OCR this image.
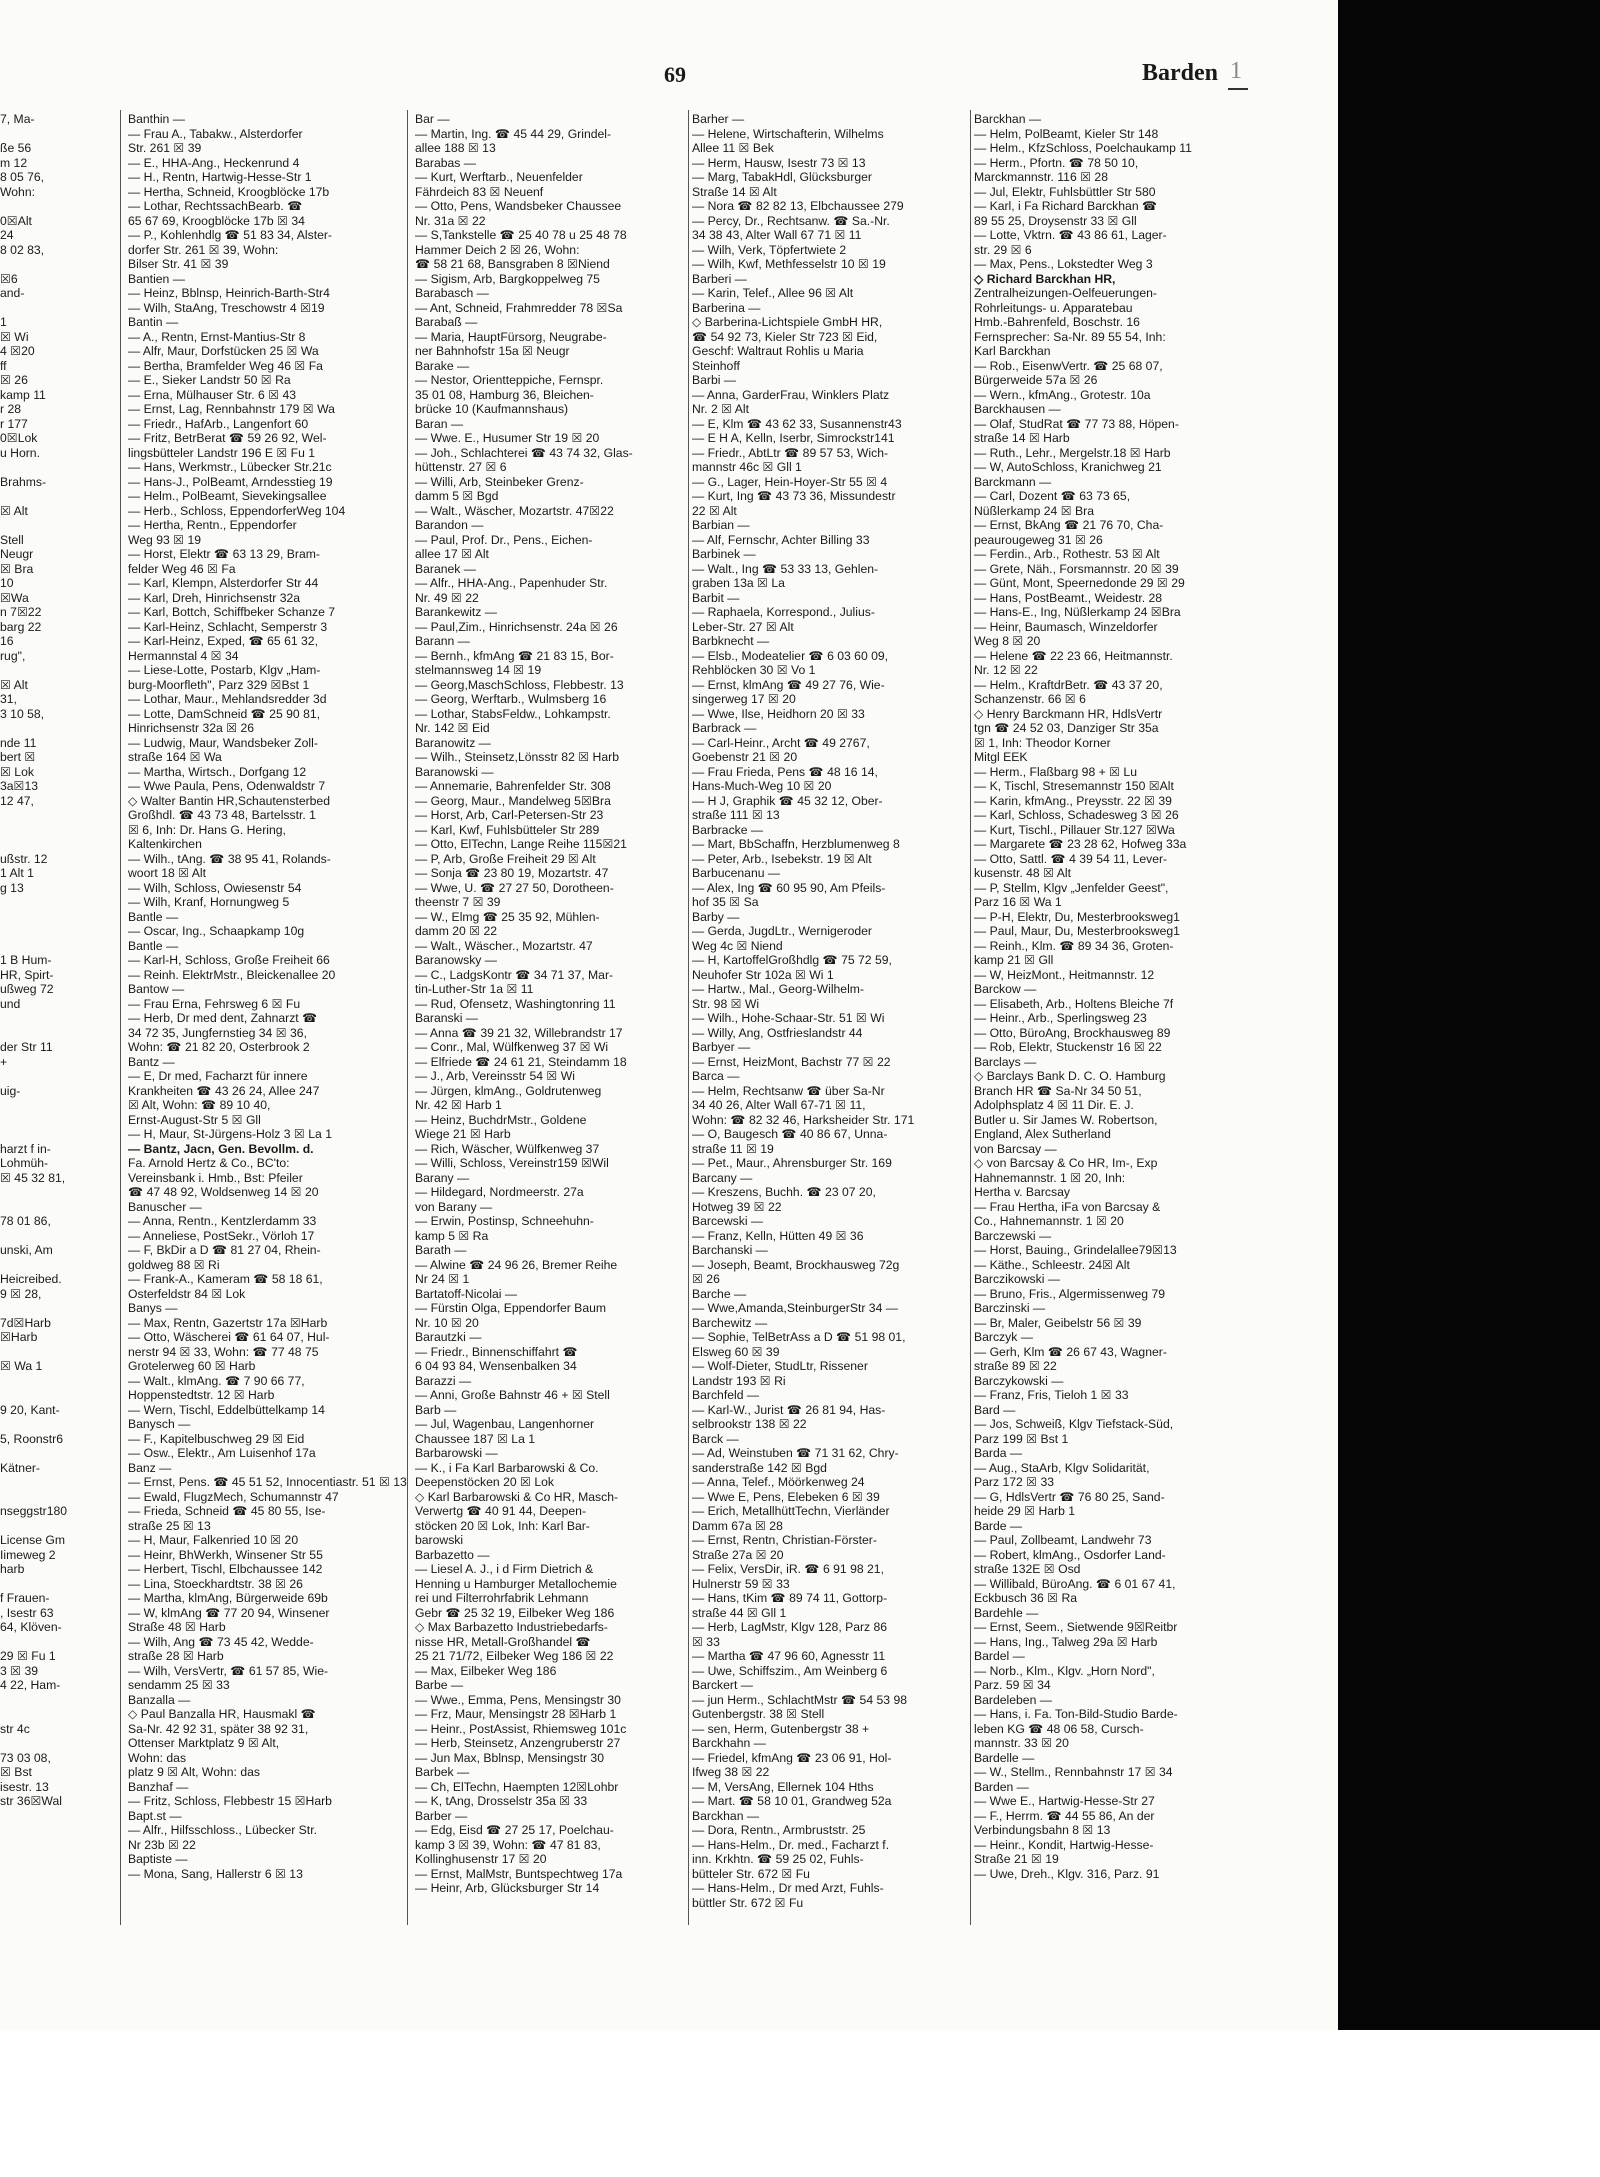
69	Barden 1
7, Ma-
ße 56
m 12
8 05 76,
Wohn:
0☒Alt
24
8 02 83,
☒6
and-
1
☒ Wi
4 ☒20
ff
☒ 26
kamp 11
r 28
r 177
0☒Lok
u Horn.
Brahms-
☒ Alt
Stell
Neugr
☒ Bra
10
☒Wa
n 7☒22
barg 22
16
rug",
☒ Alt
31,
3 10 58,
nde 11
bert ☒
☒ Lok
3a☒13
12 47,
ußstr. 12
1 Alt 1
g 13
1 B Hum-
HR, Spirt-
ußweg 72
und
der Str 11
+
uig-
harzt f in-
Lohmüh-
☒ 45 32 81,
78 01 86,
unski, Am
Heicreibed.
9 ☒ 28,
7d☒Harb
☒Harb
☒ Wa 1
9 20, Kant-
5, Roonstr6
Kätner-
nseggstr180
License Gm
Iimeweg 2
harb
f Frauen-
, Isestr 63
64, Klöven-
29 ☒ Fu 1
3 ☒ 39
4 22, Ham-
str 4c
73 03 08,
☒ Bst
isestr. 13
str 36☒Wal
Banthin —
— Frau A., Tabakw., Alsterdorfer
Str. 261 ☒ 39
— E., HHA-Ang., Heckenrund 4
— H., Rentn, Hartwig-Hesse-Str 1
— Hertha, Schneid, Kroogblöcke 17b
— Lothar, RechtssachBearb. ☎
65 67 69, Kroogblöcke 17b ☒ 34
— P., Kohlenhdlg ☎ 51 83 34, Alster-
dorfer Str. 261 ☒ 39, Wohn:
Bilser Str. 41 ☒ 39
Bantien —
— Heinz, Bblnsp, Heinrich-Barth-Str4
— Wilh, StaAng, Treschowstr 4 ☒19
Bantin —
— A., Rentn, Ernst-Mantius-Str 8
— Alfr, Maur, Dorfstücken 25 ☒ Wa
— Bertha, Bramfelder Weg 46 ☒ Fa
— E., Sieker Landstr 50 ☒ Ra
— Erna, Mülhauser Str. 6 ☒ 43
— Ernst, Lag, Rennbahnstr 179 ☒ Wa
— Friedr., HafArb., Langenfort 60
— Fritz, BetrBerat ☎ 59 26 92, Wel-
lingsbütteler Landstr 196 E ☒ Fu 1
— Hans, Werkmstr., Lübecker Str.21c
— Hans-J., PolBeamt, Arndesstieg 19
— Helm., PolBeamt, Sievekingsallee
— Herb., Schloss, EppendorferWeg 104
— Hertha, Rentn., Eppendorfer
Weg 93 ☒ 19
— Horst, Elektr ☎ 63 13 29, Bram-
felder Weg 46 ☒ Fa
— Karl, Klempn, Alsterdorfer Str 44
— Karl, Dreh, Hinrichsenstr 32a
— Karl, Bottch, Schiffbeker Schanze 7
— Karl-Heinz, Schlacht, Semperstr 3
— Karl-Heinz, Exped, ☎ 65 61 32,
Hermannstal 4 ☒ 34
— Liese-Lotte, Postarb, Klgv „Ham-
burg-Moorfleth", Parz 329 ☒Bst 1
— Lothar, Maur., Mehlandsredder 3d
— Lotte, DamSchneid ☎ 25 90 81,
Hinrichsenstr 32a ☒ 26
— Ludwig, Maur, Wandsbeker Zoll-
straße 164 ☒ Wa
— Martha, Wirtsch., Dorfgang 12
— Wwe Paula, Pens, Odenwaldstr 7
◇ Walter Bantin HR,Schautensterbed
Großhdl. ☎ 43 73 48, Bartelsstr. 1
☒ 6, Inh: Dr. Hans G. Hering,
Kaltenkirchen
— Wilh., tAng. ☎ 38 95 41, Rolands-
woort 18 ☒ Alt
— Wilh, Schloss, Owiesenstr 54
— Wilh, Kranf, Hornungweg 5
Bantle —
— Oscar, Ing., Schaapkamp 10g
Bantle —
— Karl-H, Schloss, Große Freiheit 66
— Reinh. ElektrMstr., Bleickenallee 20
Bantow —
— Frau Erna, Fehrsweg 6 ☒ Fu
— Herb, Dr med dent, Zahnarzt ☎
34 72 35, Jungfernstieg 34 ☒ 36,
Wohn: ☎ 21 82 20, Osterbrook 2
Bantz —
— E, Dr med, Facharzt für innere
Krankheiten ☎ 43 26 24, Allee 247
☒ Alt, Wohn: ☎ 89 10 40,
Ernst-August-Str 5 ☒ Gll
— H, Maur, St-Jürgens-Holz 3 ☒ La 1
— Bantz, Jacn, Gen. Bevollm. d.
Fa. Arnold Hertz & Co., BC'to:
Vereinsbank i. Hmb., Bst: Pfeiler
☎ 47 48 92, Woldsenweg 14 ☒ 20
Banuscher —
— Anna, Rentn., Kentzlerdamm 33
— Anneliese, PostSekr., Vörloh 17
— F, BkDir a D ☎ 81 27 04, Rhein-
goldweg 88 ☒ Ri
— Frank-A., Kameram ☎ 58 18 61,
Osterfeldstr 84 ☒ Lok
Banys —
— Max, Rentn, Gazertstr 17a ☒Harb
— Otto, Wäscherei ☎ 61 64 07, Hul-
nerstr 94 ☒ 33, Wohn: ☎ 77 48 75
Grotelerweg 60 ☒ Harb
— Walt., klmAng. ☎ 7 90 66 77,
Hoppenstedtstr. 12 ☒ Harb
— Wern, Tischl, Eddelbüttelkamp 14
Banysch —
— F., Kapitelbuschweg 29 ☒ Eid
— Osw., Elektr., Am Luisenhof 17a
Banz —
— Ernst, Pens. ☎ 45 51 52, Innocentiastr. 51 ☒ 13
— Ewald, FlugzMech, Schumannstr 47
— Frieda, Schneid ☎ 45 80 55, Ise-
straße 25 ☒ 13
— H, Maur, Falkenried 10 ☒ 20
— Heinr, BhWerkh, Winsener Str 55
— Herbert, Tischl, Elbchaussee 142
— Lina, Stoeckhardtstr. 38 ☒ 26
— Martha, klmAng, Bürgerweide 69b
— W, klmAng ☎ 77 20 94, Winsener
Straße 48 ☒ Harb
— Wilh, Ang ☎ 73 45 42, Wedde-
straße 28 ☒ Harb
— Wilh, VersVertr, ☎ 61 57 85, Wie-
sendamm 25 ☒ 33
Banzalla —
◇ Paul Banzalla HR, Hausmakl ☎
Sa-Nr. 42 92 31, später 38 92 31,
Ottenser Marktplatz 9 ☒ Alt,
Wohn: das
platz 9 ☒ Alt, Wohn: das
Banzhaf —
— Fritz, Schloss, Flebbestr 15 ☒Harb
Bapt.st —
— Alfr., Hilfsschloss., Lübecker Str.
Nr 23b ☒ 22
Baptiste —
— Mona, Sang, Hallerstr 6 ☒ 13
Bar —
— Martin, Ing. ☎ 45 44 29, Grindel-
allee 188 ☒ 13
Barabas —
— Kurt, Werftarb., Neuenfelder
Fährdeich 83 ☒ Neuenf
— Otto, Pens, Wandsbeker Chaussee
Nr. 31a ☒ 22
— S,Tankstelle ☎ 25 40 78 u 25 48 78
Hammer Deich 2 ☒ 26, Wohn:
☎ 58 21 68, Bansgraben 8 ☒Niend
— Sigism, Arb, Bargkoppelweg 75
Barabasch —
— Ant, Schneid, Frahmredder 78 ☒Sa
Barabaß —
— Maria, HauptFürsorg, Neugrabe-
ner Bahnhofstr 15a ☒ Neugr
Barake —
— Nestor, Orientteppiche, Fernspr.
35 01 08, Hamburg 36, Bleichen-
brücke 10 (Kaufmannshaus)
Baran —
— Wwe. E., Husumer Str 19 ☒ 20
— Joh., Schlachterei ☎ 43 74 32, Glas-
hüttenstr. 27 ☒ 6
— Willi, Arb, Steinbeker Grenz-
damm 5 ☒ Bgd
— Walt., Wäscher, Mozartstr. 47☒22
Barandon —
— Paul, Prof. Dr., Pens., Eichen-
allee 17 ☒ Alt
Baranek —
— Alfr., HHA-Ang., Papenhuder Str.
Nr. 49 ☒ 22
Barankewitz —
— Paul,Zim., Hinrichsenstr. 24a ☒ 26
Barann —
— Bernh., kfmAng ☎ 21 83 15, Bor-
stelmannsweg 14 ☒ 19
— Georg,MaschSchloss, Flebbestr. 13
— Georg, Werftarb., Wulmsberg 16
— Lothar, StabsFeldw., Lohkampstr.
Nr. 142 ☒ Eid
Baranowitz —
— Wilh., Steinsetz,Lönsstr 82 ☒ Harb
Baranowski —
— Annemarie, Bahrenfelder Str. 308
— Georg, Maur., Mandelweg 5☒Bra
— Horst, Arb, Carl-Petersen-Str 23
— Karl, Kwf, Fuhlsbütteler Str 289
— Otto, ElTechn, Lange Reihe 115☒21
— P, Arb, Große Freiheit 29 ☒ Alt
— Sonja ☎ 23 80 19, Mozartstr. 47
— Wwe, U. ☎ 27 27 50, Dorotheen-
theenstr 7 ☒ 39
— W., Elmg ☎ 25 35 92, Mühlen-
damm 20 ☒ 22
— Walt., Wäscher., Mozartstr. 47
Baranowsky —
— C., LadgsKontr ☎ 34 71 37, Mar-
tin-Luther-Str 1a ☒ 11
— Rud, Ofensetz, Washingtonring 11
Baranski —
— Anna ☎ 39 21 32, Willebrandstr 17
— Conr., Mal, Wülfkenweg 37 ☒ Wi
— Elfriede ☎ 24 61 21, Steindamm 18
— J., Arb, Vereinsstr 54 ☒ Wi
— Jürgen, klmAng., Goldrutenweg
Nr. 42 ☒ Harb 1
— Heinz, BuchdrMstr., Goldene
Wiege 21 ☒ Harb
— Rich, Wäscher, Wülfkenweg 37
— Willi, Schloss, Vereinstr159 ☒Wil
Barany —
— Hildegard, Nordmeerstr. 27a
von Barany —
— Erwin, Postinsp, Schneehuhn-
kamp 5 ☒ Ra
Barath —
— Alwine ☎ 24 96 26, Bremer Reihe
Nr 24 ☒ 1
Bartatoff-Nicolai —
— Fürstin Olga, Eppendorfer Baum
Nr. 10 ☒ 20
Barautzki —
— Friedr., Binnenschiffahrt ☎
6 04 93 84, Wensenbalken 34
Barazzi —
— Anni, Große Bahnstr 46 + ☒ Stell
Barb —
— Jul, Wagenbau, Langenhorner
Chaussee 187 ☒ La 1
Barbarowski —
— K., i Fa Karl Barbarowski & Co.
Deepenstöcken 20 ☒ Lok
◇ Karl Barbarowski & Co HR, Masch-
Verwertg ☎ 40 91 44, Deepen-
stöcken 20 ☒ Lok, Inh: Karl Bar-
barowski
Barbazetto —
— Liesel A. J., i d Firm Dietrich &
Henning u Hamburger Metallochemie
rei und Filterrohrfabrik Lehmann
Gebr ☎ 25 32 19, Eilbeker Weg 186
◇ Max Barbazetto Industriebedarfs-
nisse HR, Metall-Großhandel ☎
25 21 71/72, Eilbeker Weg 186 ☒ 22
— Max, Eilbeker Weg 186
Barbe —
— Wwe., Emma, Pens, Mensingstr 30
— Frz, Maur, Mensingstr 28 ☒Harb 1
— Heinr., PostAssist, Rhiemsweg 101c
— Herb, Steinsetz, Anzengruberstr 27
— Jun Max, Bblnsp, Mensingstr 30
Barbek —
— Ch, ElTechn, Haempten 12☒Lohbr
— K, tAng, Drosselstr 35a ☒ 33
Barber —
— Edg, Eisd ☎ 27 25 17, Poelchau-
kamp 3 ☒ 39, Wohn: ☎ 47 81 83,
Kollinghusenstr 17 ☒ 20
— Ernst, MalMstr, Buntspechtweg 17a
— Heinr, Arb, Glücksburger Str 14
Barher —
— Helene, Wirtschafterin, Wilhelms
Allee 11 ☒ Bek
— Herm, Hausw, Isestr 73 ☒ 13
— Marg, TabakHdl, Glücksburger
Straße 14 ☒ Alt
— Nora ☎ 82 82 13, Elbchaussee 279
— Percy, Dr., Rechtsanw. ☎ Sa.-Nr.
34 38 43, Alter Wall 67 71 ☒ 11
— Wilh, Verk, Töpfertwiete 2
— Wilh, Kwf, Methfesselstr 10 ☒ 19
Barberi —
— Karin, Telef., Allee 96 ☒ Alt
Barberina —
◇ Barberina-Lichtspiele GmbH HR,
☎ 54 92 73, Kieler Str 723 ☒ Eid,
Geschf: Waltraut Rohlis u Maria
Steinhoff
Barbi —
— Anna, GarderFrau, Winklers Platz
Nr. 2 ☒ Alt
— E, Klm ☎ 43 62 33, Susannenstr43
— E H A, Kelln, Iserbr, Simrockstr141
— Friedr., AbtLtr ☎ 89 57 53, Wich-
mannstr 46c ☒ Gll 1
— G., Lager, Hein-Hoyer-Str 55 ☒ 4
— Kurt, Ing ☎ 43 73 36, Missundestr
22 ☒ Alt
Barbian —
— Alf, Fernschr, Achter Billing 33
Barbinek —
— Walt., Ing ☎ 53 33 13, Gehlen-
graben 13a ☒ La
Barbit —
— Raphaela, Korrespond., Julius-
Leber-Str. 27 ☒ Alt
Barbknecht —
— Elsb., Modeatelier ☎ 6 03 60 09,
Rehblöcken 30 ☒ Vo 1
— Ernst, klmAng ☎ 49 27 76, Wie-
singerweg 17 ☒ 20
— Wwe, Ilse, Heidhorn 20 ☒ 33
Barbrack —
— Carl-Heinr., Archt ☎ 49 2767,
Goebenstr 21 ☒ 20
— Frau Frieda, Pens ☎ 48 16 14,
Hans-Much-Weg 10 ☒ 20
— H J, Graphik ☎ 45 32 12, Ober-
straße 111 ☒ 13
Barbracke —
— Mart, BbSchaffn, Herzblumenweg 8
— Peter, Arb., Isebekstr. 19 ☒ Alt
Barbucenanu —
— Alex, Ing ☎ 60 95 90, Am Pfeils-
hof 35 ☒ Sa
Barby —
— Gerda, JugdLtr., Wernigeroder
Weg 4c ☒ Niend
— H, KartoffelGroßhdlg ☎ 75 72 59,
Neuhofer Str 102a ☒ Wi 1
— Hartw., Mal., Georg-Wilhelm-
Str. 98 ☒ Wi
— Wilh., Hohe-Schaar-Str. 51 ☒ Wi
— Willy, Ang, Ostfrieslandstr 44
Barbyer —
— Ernst, HeizMont, Bachstr 77 ☒ 22
Barca —
— Helm, Rechtsanw ☎ über Sa-Nr
34 40 26, Alter Wall 67-71 ☒ 11,
Wohn: ☎ 82 32 46, Harksheider Str. 171
— O, Baugesch ☎ 40 86 67, Unna-
straße 11 ☒ 19
— Pet., Maur., Ahrensburger Str. 169
Barcany —
— Kreszens, Buchh. ☎ 23 07 20,
Hotweg 39 ☒ 22
Barcewski —
— Franz, Kelln, Hütten 49 ☒ 36
Barchanski —
— Joseph, Beamt, Brockhausweg 72g
☒ 26
Barche —
— Wwe,Amanda,SteinburgerStr 34 —
Barchewitz —
— Sophie, TelBetrAss a D ☎ 51 98 01,
Elsweg 60 ☒ 39
— Wolf-Dieter, StudLtr, Rissener
Landstr 193 ☒ Ri
Barchfeld —
— Karl-W., Jurist ☎ 26 81 94, Has-
selbrookstr 138 ☒ 22
Barck —
— Ad, Weinstuben ☎ 71 31 62, Chry-
sanderstraße 142 ☒ Bgd
— Anna, Telef., Möörkenweg 24
— Wwe E, Pens, Elebeken 6 ☒ 39
— Erich, MetallhüttTechn, Vierländer
Damm 67a ☒ 28
— Ernst, Rentn, Christian-Förster-
Straße 27a ☒ 20
— Felix, VersDir, iR. ☎ 6 91 98 21,
Hulnerstr 59 ☒ 33
— Hans, tKim ☎ 89 74 11, Gottorp-
straße 44 ☒ Gll 1
— Herb, LagMstr, Klgv 128, Parz 86
☒ 33
— Martha ☎ 47 96 60, Agnesstr 11
— Uwe, Schiffszim., Am Weinberg 6
Barckert —
— jun Herm., SchlachtMstr ☎ 54 53 98
Gutenbergstr. 38 ☒ Stell
— sen, Herm, Gutenbergstr 38 +
Barckhahn —
— Friedel, kfmAng ☎ 23 06 91, Hol-
Ifweg 38 ☒ 22
— M, VersAng, Ellernek 104 Hths
— Mart. ☎ 58 10 01, Grandweg 52a
Barckhan —
— Dora, Rentn., Armbruststr. 25
— Hans-Helm., Dr. med., Facharzt f.
inn. Krkhtn. ☎ 59 25 02, Fuhls-
bütteler Str. 672 ☒ Fu
— Hans-Helm., Dr med Arzt, Fuhls-
büttler Str. 672 ☒ Fu
Barckhan —
— Helm, PolBeamt, Kieler Str 148
— Helm., KfzSchloss, Poelchaukamp 11
— Herm., Pfortn. ☎ 78 50 10,
Marckmannstr. 116 ☒ 28
— Jul, Elektr, Fuhlsbüttler Str 580
— Karl, i Fa Richard Barckhan ☎
89 55 25, Droysenstr 33 ☒ Gll
— Lotte, Vktrn. ☎ 43 86 61, Lager-
str. 29 ☒ 6
— Max, Pens., Lokstedter Weg 3
◇ Richard Barckhan HR,
Zentralheizungen-Oelfeuerungen-
Rohrleitungs- u. Apparatebau
Hmb.-Bahrenfeld, Boschstr. 16
Fernsprecher: Sa-Nr. 89 55 54, Inh:
Karl Barckhan
— Rob., EisenwVertr. ☎ 25 68 07,
Bürgerweide 57a ☒ 26
— Wern., kfmAng., Grotestr. 10a
Barckhausen —
— Olaf, StudRat ☎ 77 73 88, Höpen-
straße 14 ☒ Harb
— Ruth., Lehr., Mergelstr.18 ☒ Harb
— W, AutoSchloss, Kranichweg 21
Barckmann —
— Carl, Dozent ☎ 63 73 65,
Nüßlerkamp 24 ☒ Bra
— Ernst, BkAng ☎ 21 76 70, Cha-
peaurougeweg 31 ☒ 26
— Ferdin., Arb., Rothestr. 53 ☒ Alt
— Grete, Näh., Forsmannstr. 20 ☒ 39
— Günt, Mont, Speernedonde 29 ☒ 29
— Hans, PostBeamt., Weidestr. 28
— Hans-E., Ing, Nüßlerkamp 24 ☒Bra
— Heinr, Baumasch, Winzeldorfer
Weg 8 ☒ 20
— Helene ☎ 22 23 66, Heitmannstr.
Nr. 12 ☒ 22
— Helm., KraftdrBetr. ☎ 43 37 20,
Schanzenstr. 66 ☒ 6
◇ Henry Barckmann HR, HdlsVertr
tgn ☎ 24 52 03, Danziger Str 35a
☒ 1, Inh: Theodor Korner
Mitgl EEK
— Herm., Flaßbarg 98 + ☒ Lu
— K, Tischl, Stresemannstr 150 ☒Alt
— Karin, kfmAng., Preysstr. 22 ☒ 39
— Karl, Schloss, Schadesweg 3 ☒ 26
— Kurt, Tischl., Pillauer Str.127 ☒Wa
— Margarete ☎ 23 28 62, Hofweg 33a
— Otto, Sattl. ☎ 4 39 54 11, Lever-
kusenstr. 48 ☒ Alt
— P, Stellm, Klgv „Jenfelder Geest",
Parz 16 ☒ Wa 1
— P-H, Elektr, Du, Mesterbrooksweg1
— Paul, Maur, Du, Mesterbrooksweg1
— Reinh., Klm. ☎ 89 34 36, Groten-
kamp 21 ☒ Gll
— W, HeizMont., Heitmannstr. 12
Barckow —
— Elisabeth, Arb., Holtens Bleiche 7f
— Heinr., Arb., Sperlingsweg 23
— Otto, BüroAng, Brockhausweg 89
— Rob, Elektr, Stuckenstr 16 ☒ 22
Barclays —
◇ Barclays Bank D. C. O. Hamburg
Branch HR ☎ Sa-Nr 34 50 51,
Adolphsplatz 4 ☒ 11 Dir. E. J.
Butler u. Sir James W. Robertson,
England, Alex Sutherland
von Barcsay —
◇ von Barcsay & Co HR, Im-, Exp
Hahnemannstr. 1 ☒ 20, Inh:
Hertha v. Barcsay
— Frau Hertha, iFa von Barcsay &
Co., Hahnemannstr. 1 ☒ 20
Barczewski —
— Horst, Bauing., Grindelallee79☒13
— Käthe., Schleestr. 24☒ Alt
Barczikowski —
— Bruno, Fris., Algermissenweg 79
Barczinski —
— Br, Maler, Geibelstr 56 ☒ 39
Barczyk —
— Gerh, Klm ☎ 26 67 43, Wagner-
straße 89 ☒ 22
Barczykowski —
— Franz, Fris, Tieloh 1 ☒ 33
Bard —
— Jos, Schweiß, Klgv Tiefstack-Süd,
Parz 199 ☒ Bst 1
Barda —
— Aug., StaArb, Klgv Solidarität,
Parz 172 ☒ 33
— G, HdlsVertr ☎ 76 80 25, Sand-
heide 29 ☒ Harb 1
Barde —
— Paul, Zollbeamt, Landwehr 73
— Robert, klmAng., Osdorfer Land-
straße 132E ☒ Osd
— Willibald, BüroAng. ☎ 6 01 67 41,
Eckbusch 36 ☒ Ra
Bardehle —
— Ernst, Seem., Sietwende 9☒Reitbr
— Hans, Ing., Talweg 29a ☒ Harb
Bardel —
— Norb., Klm., Klgv. „Horn Nord",
Parz. 59 ☒ 34
Bardeleben —
— Hans, i. Fa. Ton-Bild-Studio Barde-
leben KG ☎ 48 06 58, Cursch-
mannstr. 33 ☒ 20
Bardelle —
— W., Stellm., Rennbahnstr 17 ☒ 34
Barden —
— Wwe E., Hartwig-Hesse-Str 27
— F., Herrm. ☎ 44 55 86, An der
Verbindungsbahn 8 ☒ 13
— Heinr., Kondit, Hartwig-Hesse-
Straße 21 ☒ 19
— Uwe, Dreh., Klgv. 316, Parz. 91
